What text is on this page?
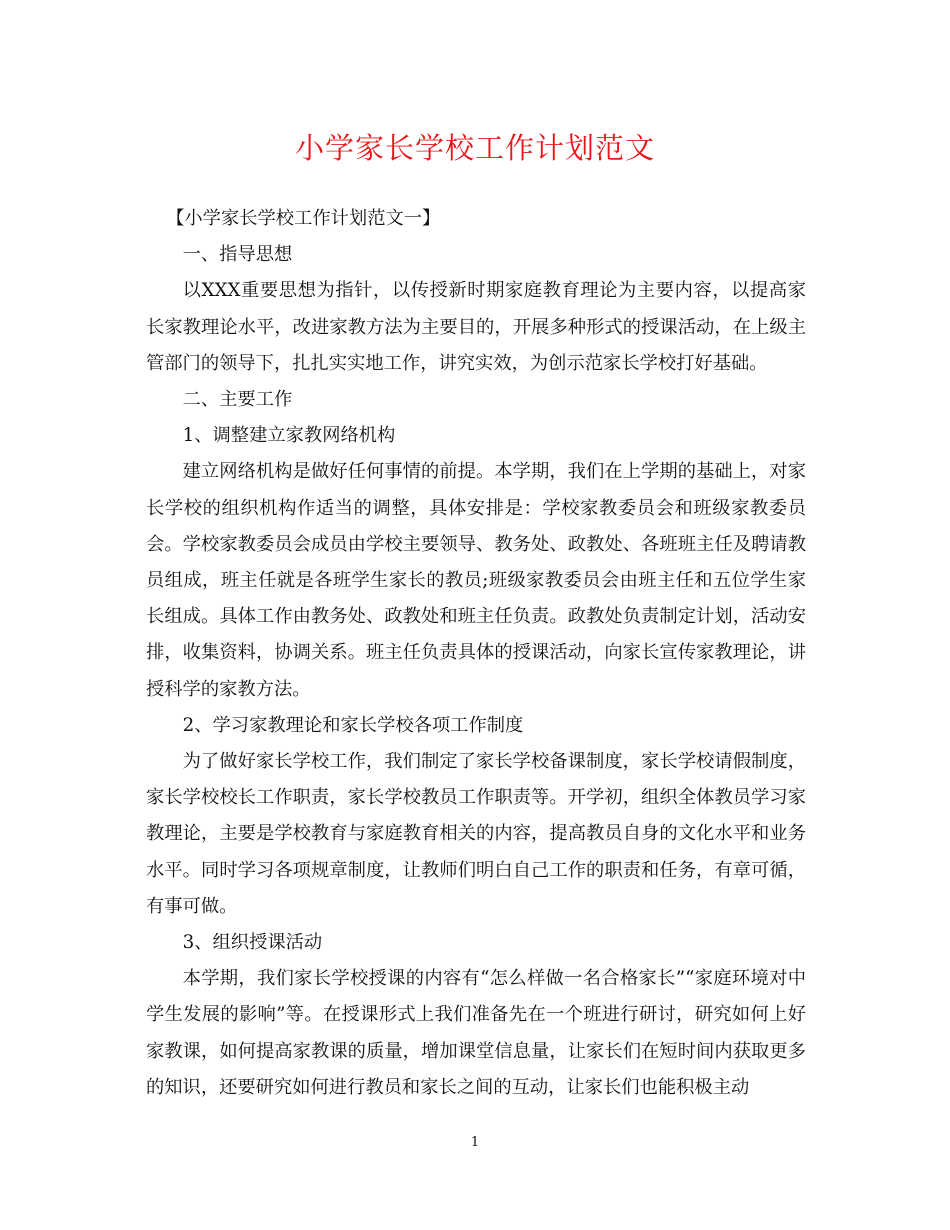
小学家长学校工作计划范文

【小学家长学校工作计划范文一】

一、指导思想

以XXX重要思想为指针，以传授新时期家庭教育理论为主要内容，以提高家长家教理论水平，改进家教方法为主要目的，开展多种形式的授课活动，在上级主管部门的领导下，扎扎实实地工作，讲究实效，为创示范家长学校打好基础。

二、主要工作

1、调整建立家教网络机构

建立网络机构是做好任何事情的前提。本学期，我们在上学期的基础上，对家长学校的组织机构作适当的调整，具体安排是：学校家教委员会和班级家教委员会。学校家教委员会成员由学校主要领导、教务处、政教处、各班班主任及聘请教员组成，班主任就是各班学生家长的教员;班级家教委员会由班主任和五位学生家长组成。具体工作由教务处、政教处和班主任负责。政教处负责制定计划，活动安排，收集资料，协调关系。班主任负责具体的授课活动，向家长宣传家教理论，讲授科学的家教方法。

2、学习家教理论和家长学校各项工作制度

为了做好家长学校工作，我们制定了家长学校备课制度，家长学校请假制度，家长学校校长工作职责，家长学校教员工作职责等。开学初，组织全体教员学习家教理论，主要是学校教育与家庭教育相关的内容，提高教员自身的文化水平和业务水平。同时学习各项规章制度，让教师们明白自己工作的职责和任务，有章可循，有事可做。

3、组织授课活动

本学期，我们家长学校授课的内容有“怎么样做一名合格家长”“家庭环境对中学生发展的影响”等。在授课形式上我们准备先在一个班进行研讨，研究如何上好家教课，如何提高家教课的质量，增加课堂信息量，让家长们在短时间内获取更多的知识，还要研究如何进行教员和家长之间的互动，让家长们也能积极主动

1
